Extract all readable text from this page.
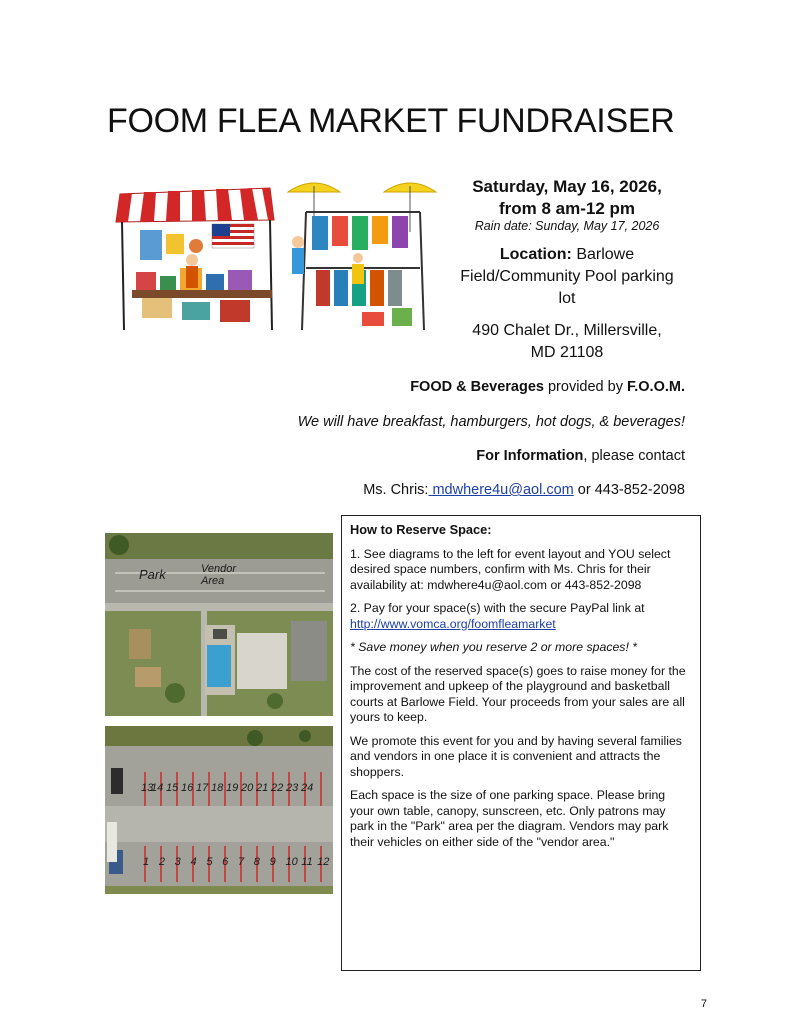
FOOM FLEA MARKET FUNDRAISER
Saturday, May 16, 2026,
from 8 am-12 pm
Rain date: Sunday, May 17, 2026
Location: Barlowe Field/Community Pool parking lot
490 Chalet Dr., Millersville,
MD 21108
FOOD & Beverages provided by F.O.O.M.
We will have breakfast, hamburgers, hot dogs, & beverages!
For Information, please contact
Ms. Chris: mdwhere4u@aol.com or 443-852-2098
Park	Vendor Area
13
14 15 16 17 18 19 20 21 22 23 24
1 2 3 4 5 6 7 8 9 10 11 12

How to Reserve Space:

1. See diagrams to the left for event layout and YOU select desired space numbers, confirm with Ms. Chris for their availability at: mdwhere4u@aol.com or 443-852-2098

2. Pay for your space(s) with the secure PayPal link at http://www.vomca.org/foomfleamarket

* Save money when you reserve 2 or more spaces! *

The cost of the reserved space(s) goes to raise money for the improvement and upkeep of the playground and basketball courts at Barlowe Field. Your proceeds from your sales are all yours to keep.

We promote this event for you and by having several families and vendors in one place it is convenient and attracts the shoppers.

Each space is the size of one parking space. Please bring your own table, canopy, sunscreen, etc. Only patrons may park in the "Park" area per the diagram. Vendors may park their vehicles on either side of the "vendor area."

7
